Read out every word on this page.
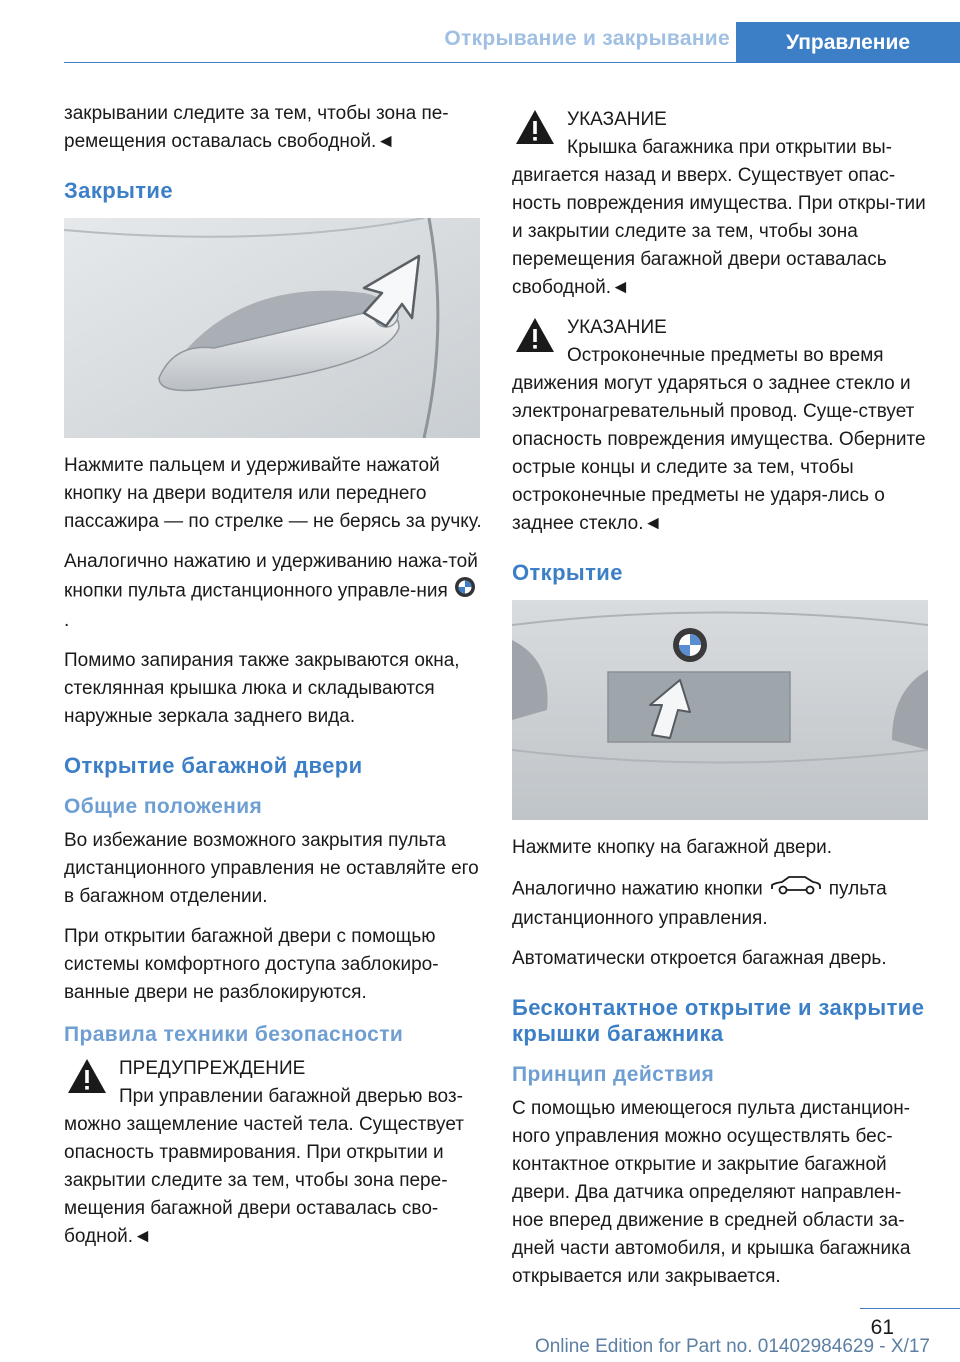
Открывание и закрывание	Управление

закрывании следите за тем, чтобы зона пе-ремещения оставалась свободной.◄

Закрытие

Нажмите пальцем и удерживайте нажатой кнопку на двери водителя или переднего пассажира — по стрелке — не берясь за ручку.

Аналогично нажатию и удерживанию нажа-той кнопки пульта дистанционного управле-ния.

Помимо запирания также закрываются окна, стеклянная крышка люка и складываются наружные зеркала заднего вида.

Открытие багажной двери
Общие положения

Во избежание возможного закрытия пульта дистанционного управления не оставляйте его в багажном отделении.

При открытии багажной двери с помощью системы комфортного доступа заблокиро-ванные двери не разблокируются.

Правила техники безопасности
ПРЕДУПРЕЖДЕНИЕ

При управлении багажной дверью воз-можно защемление частей тела. Существует опасность травмирования. При открытии и закрытии следите за тем, чтобы зона пере-мещения багажной двери оставалась сво-бодной.◄

УКАЗАНИЕ

Крышка багажника при открытии вы-двигается назад и вверх. Существует опас-ность повреждения имущества. При откры-тии и закрытии следите за тем, чтобы зона перемещения багажной двери оставалась свободной.◄

УКАЗАНИЕ

Остроконечные предметы во время движения могут ударяться о заднее стекло и электронагревательный провод. Суще-ствует опасность повреждения имущества. Оберните острые концы и следите за тем, чтобы остроконечные предметы не ударя-лись о заднее стекло.◄

Открытие

Нажмите кнопку на багажной двери.

Аналогично нажатию кнопки	пульта дистанционного управления.

Автоматически откроется багажная дверь.

Бесконтактное открытие и закрытие крышки багажника
Принцип действия

С помощью имеющегося пульта дистанцион-ного управления можно осуществлять бес-контактное открытие и закрытие багажной двери. Два датчика определяют направлен-ное вперед движение в средней области за-дней части автомобиля, и крышка багажника открывается или закрывается.

61
Online Edition for Part no. 01402984629 - X/17
